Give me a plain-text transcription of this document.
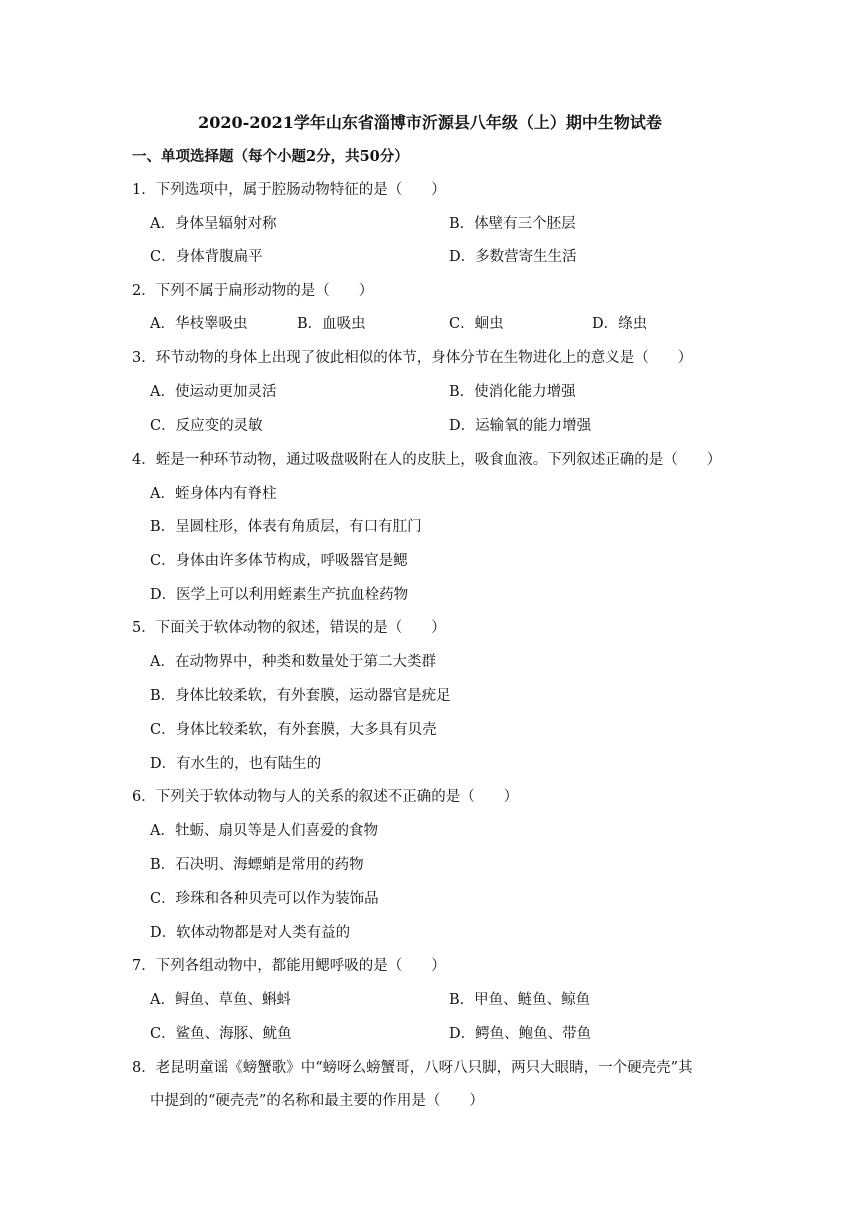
2020-2021学年山东省淄博市沂源县八年级（上）期中生物试卷
一、单项选择题（每个小题2分，共50分）
1．下列选项中，属于腔肠动物特征的是（　　）
A．身体呈辐射对称	B．体壁有三个胚层
C．身体背腹扁平	D．多数营寄生生活
2．下列不属于扁形动物的是（　　）
A．华枝睾吸虫	B．血吸虫	C．蛔虫	D．绦虫
3．环节动物的身体上出现了彼此相似的体节，身体分节在生物进化上的意义是（　　）
A．使运动更加灵活	B．使消化能力增强
C．反应变的灵敏	D．运输氧的能力增强
4．蛭是一种环节动物，通过吸盘吸附在人的皮肤上，吸食血液。下列叙述正确的是（　　）
A．蛭身体内有脊柱
B．呈圆柱形，体表有角质层，有口有肛门
C．身体由许多体节构成，呼吸器官是鳃
D．医学上可以利用蛭素生产抗血栓药物
5．下面关于软体动物的叙述，错误的是（　　）
A．在动物界中，种类和数量处于第二大类群
B．身体比较柔软，有外套膜，运动器官是疣足
C．身体比较柔软，有外套膜，大多具有贝壳
D．有水生的，也有陆生的
6．下列关于软体动物与人的关系的叙述不正确的是（　　）
A．牡蛎、扇贝等是人们喜爱的食物
B．石决明、海螵蛸是常用的药物
C．珍珠和各种贝壳可以作为装饰品
D．软体动物都是对人类有益的
7．下列各组动物中，都能用鳃呼吸的是（　　）
A．鲟鱼、草鱼、蝌蚪	B．甲鱼、鲢鱼、鲸鱼
C．鲨鱼、海豚、鱿鱼	D．鳄鱼、鲍鱼、带鱼
8．老昆明童谣《螃蟹歌》中“螃呀么螃蟹哥，八呀八只脚，两只大眼睛，一个硬壳壳”其
中提到的“硬壳壳”的名称和最主要的作用是（　　）
